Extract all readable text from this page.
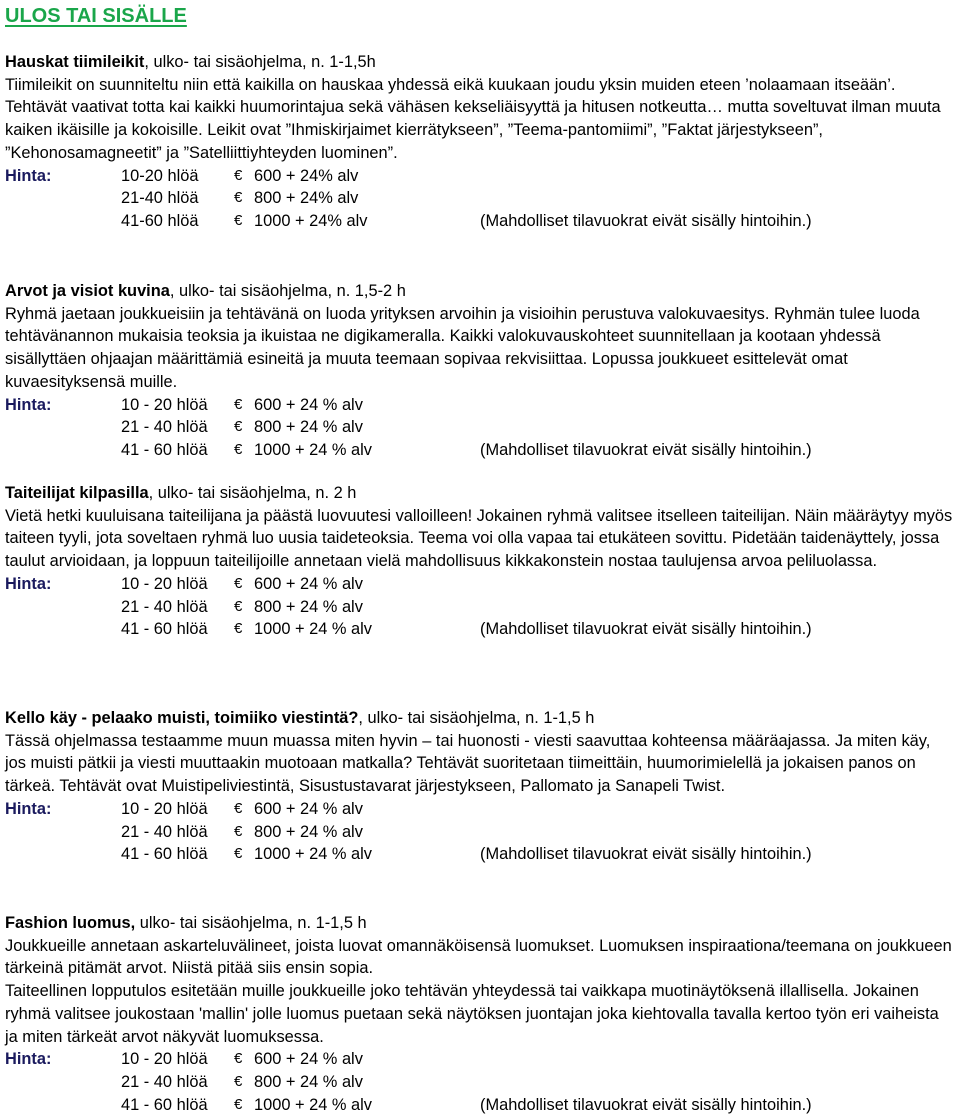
ULOS TAI SISÄLLE
Hauskat tiimileikit, ulko- tai sisäohjelma, n. 1-1,5h

Tiimileikit on suunniteltu niin että kaikilla on hauskaa yhdessä eikä kuukaan joudu yksin muiden eteen ’nolaamaan itseään’. Tehtävät vaativat totta kai kaikki huumorintajua sekä vähäsen kekseliäisyyttä ja hitusen notkeutta… mutta soveltuvat ilman muuta kaiken ikäisille ja kokoisille. Leikit ovat ”Ihmiskirjaimet kierrätykseen”, ”Teema-pantomiimi”, ”Faktat järjestykseen”, ”Kehonosamagneetit” ja ”Satelliittiyhteyden luominen”.

Hinta:	10-20 hlöä € 600 + 24% alv
21-40 hlöä € 800 + 24% alv
41-60 hlöä € 1000 + 24% alv	(Mahdolliset tilavuokrat eivät sisälly hintoihin.)
Arvot ja visiot kuvina, ulko- tai sisäohjelma, n. 1,5-2 h

Ryhmä jaetaan joukkueisiin ja tehtävänä on luoda yrityksen arvoihin ja visioihin perustuva valokuvaesitys. Ryhmän tulee luoda tehtävänannon mukaisia teoksia ja ikuistaa ne digikameralla. Kaikki valokuvauskohteet suunnitellaan ja kootaan yhdessä sisällyttäen ohjaajan määrittämiä esineitä ja muuta teemaan sopivaa rekvisiittaa. Lopussa joukkueet esittelevät omat kuvaesityksensä muille.

Hinta:	10 - 20 hlöä € 600 + 24 % alv
21 - 40 hlöä € 800 + 24 % alv
41 - 60 hlöä € 1000 + 24 % alv	(Mahdolliset tilavuokrat eivät sisälly hintoihin.)
Taiteilijat kilpasilla, ulko- tai sisäohjelma, n. 2 h

Vietä hetki kuuluisana taiteilijana ja päästä luovuutesi valloilleen! Jokainen ryhmä valitsee itselleen taiteilijan. Näin määräytyy myös taiteen tyyli, jota soveltaen ryhmä luo uusia taideteoksia. Teema voi olla vapaa tai etukäteen sovittu. Pidetään taidenäyttely, jossa taulut arvioidaan, ja loppuun taiteilijoille annetaan vielä mahdollisuus kikkakonstein nostaa taulujensa arvoa peliluolassa.

Hinta:	10 - 20 hlöä € 600 + 24 % alv
21 - 40 hlöä € 800 + 24 % alv
41 - 60 hlöä € 1000 + 24 % alv	(Mahdolliset tilavuokrat eivät sisälly hintoihin.)
Kello käy - pelaako muisti, toimiiko viestintä?, ulko- tai sisäohjelma, n. 1-1,5 h

Tässä ohjelmassa testaamme muun muassa miten hyvin – tai huonosti - viesti saavuttaa kohteensa määräajassa. Ja miten käy, jos muisti pätkii ja viesti muuttaakin muotoaan matkalla? Tehtävät suoritetaan tiimeittäin, huumorimielellä ja jokaisen panos on tärkeä. Tehtävät ovat Muistipeliviestintä, Sisustustavarat järjestykseen, Pallomato ja Sanapeli Twist.

Hinta:	10 - 20 hlöä € 600 + 24 % alv
21 - 40 hlöä € 800 + 24 % alv
41 - 60 hlöä € 1000 + 24 % alv	(Mahdolliset tilavuokrat eivät sisälly hintoihin.)
Fashion luomus, ulko- tai sisäohjelma, n. 1-1,5 h

Joukkueille annetaan askarteluvälineet, joista luovat omannäköisensä luomukset. Luomuksen inspiraationa/teemana on joukkueen tärkeinä pitämät arvot. Niistä pitää siis ensin sopia.

Taiteellinen lopputulos esitetään muille joukkueille joko tehtävän yhteydessä tai vaikkapa muotinäytöksenä illallisella. Jokainen ryhmä valitsee joukostaan 'mallin' jolle luomus puetaan sekä näytöksen juontajan joka kiehtovalla tavalla kertoo työn eri vaiheista ja miten tärkeät arvot näkyvät luomuksessa.

Hinta:	10 - 20 hlöä € 600 + 24 % alv
21 - 40 hlöä € 800 + 24 % alv
41 - 60 hlöä € 1000 + 24 % alv	(Mahdolliset tilavuokrat eivät sisälly hintoihin.)
